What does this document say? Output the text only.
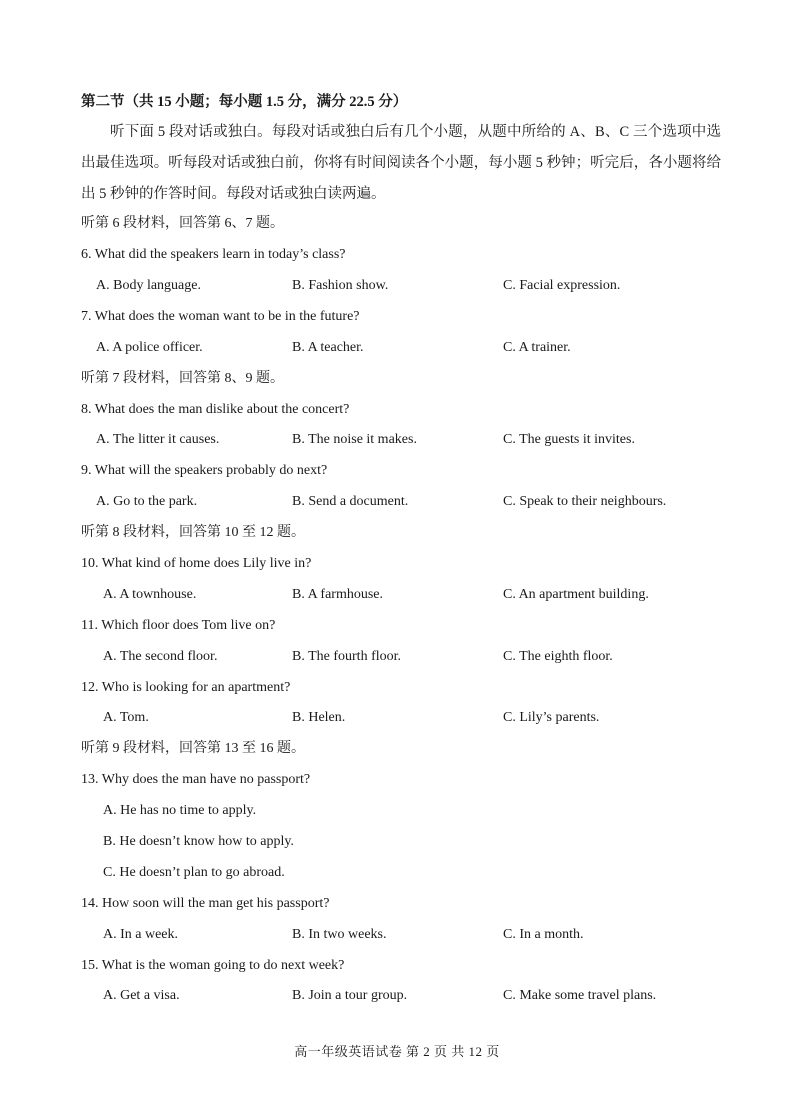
第二节（共 15 小题；每小题 1.5 分，满分 22.5 分）
听下面 5 段对话或独白。每段对话或独白后有几个小题，从题中所给的 A、B、C 三个选项中选出最佳选项。听每段对话或独白前，你将有时间阅读各个小题，每小题 5 秒钟；听完后，各小题将给出 5 秒钟的作答时间。每段对话或独白读两遍。
听第 6 段材料，回答第 6、7 题。
6. What did the speakers learn in today’s class?
A. Body language.	B. Fashion show.	C. Facial expression.
7. What does the woman want to be in the future?
A. A police officer.	B. A teacher.	C. A trainer.
听第 7 段材料，回答第 8、9 题。
8. What does the man dislike about the concert?
A. The litter it causes.	B. The noise it makes.	C. The guests it invites.
9. What will the speakers probably do next?
A. Go to the park.	B. Send a document.	C. Speak to their neighbours.
听第 8 段材料，回答第 10 至 12 题。
10. What kind of home does Lily live in?
A. A townhouse.	B. A farmhouse.	C. An apartment building.
11. Which floor does Tom live on?
A. The second floor.	B. The fourth floor.	C. The eighth floor.
12. Who is looking for an apartment?
A. Tom.	B. Helen.	C. Lily’s parents.
听第 9 段材料，回答第 13 至 16 题。
13. Why does the man have no passport?
A. He has no time to apply.
B. He doesn’t know how to apply.
C. He doesn’t plan to go abroad.
14. How soon will the man get his passport?
A. In a week.	B. In two weeks.	C. In a month.
15. What is the woman going to do next week?
A. Get a visa.	B. Join a tour group.	C. Make some travel plans.
高一年级英语试卷 第 2 页 共 12 页
